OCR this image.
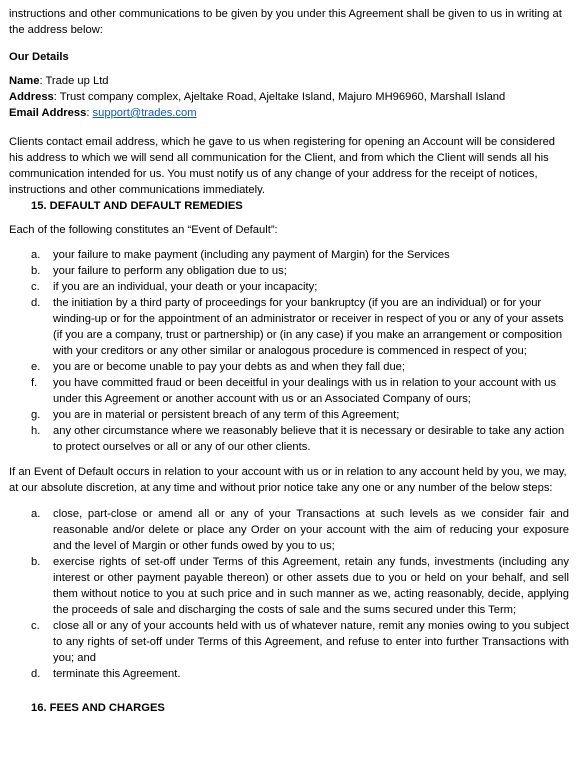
instructions and other communications to be given by you under this Agreement shall be given to us in writing at the address below:

Our Details

Name: Trade up Ltd
Address: Trust company complex, Ajeltake Road, Ajeltake Island, Majuro MH96960, Marshall Island
Email Address: support@trades.com

Clients contact email address, which he gave to us when registering for opening an Account will be considered his address to which we will send all communication for the Client, and from which the Client will sends all his communication intended for us. You must notify us of any change of your address for the receipt of notices, instructions and other communications immediately.

15. DEFAULT AND DEFAULT REMEDIES

Each of the following constitutes an “Event of Default”:

a. your failure to make payment (including any payment of Margin) for the Services
b. your failure to perform any obligation due to us;
c. if you are an individual, your death or your incapacity;
d. the initiation by a third party of proceedings for your bankruptcy (if you are an individual) or for your winding-up or for the appointment of an administrator or receiver in respect of you or any of your assets (if you are a company, trust or partnership) or (in any case) if you make an arrangement or composition with your creditors or any other similar or analogous procedure is commenced in respect of you;
e. you are or become unable to pay your debts as and when they fall due;
f. you have committed fraud or been deceitful in your dealings with us in relation to your account with us under this Agreement or another account with us or an Associated Company of ours;
g. you are in material or persistent breach of any term of this Agreement;
h. any other circumstance where we reasonably believe that it is necessary or desirable to take any action to protect ourselves or all or any of our other clients.

If an Event of Default occurs in relation to your account with us or in relation to any account held by you, we may, at our absolute discretion, at any time and without prior notice take any one or any number of the below steps:

a. close, part-close or amend all or any of your Transactions at such levels as we consider fair and reasonable and/or delete or place any Order on your account with the aim of reducing your exposure and the level of Margin or other funds owed by you to us;
b. exercise rights of set-off under Terms of this Agreement, retain any funds, investments (including any interest or other payment payable thereon) or other assets due to you or held on your behalf, and sell them without notice to you at such price and in such manner as we, acting reasonably, decide, applying the proceeds of sale and discharging the costs of sale and the sums secured under this Term;
c. close all or any of your accounts held with us of whatever nature, remit any monies owing to you subject to any rights of set-off under Terms of this Agreement, and refuse to enter into further Transactions with you; and
d. terminate this Agreement.

16. FEES AND CHARGES
